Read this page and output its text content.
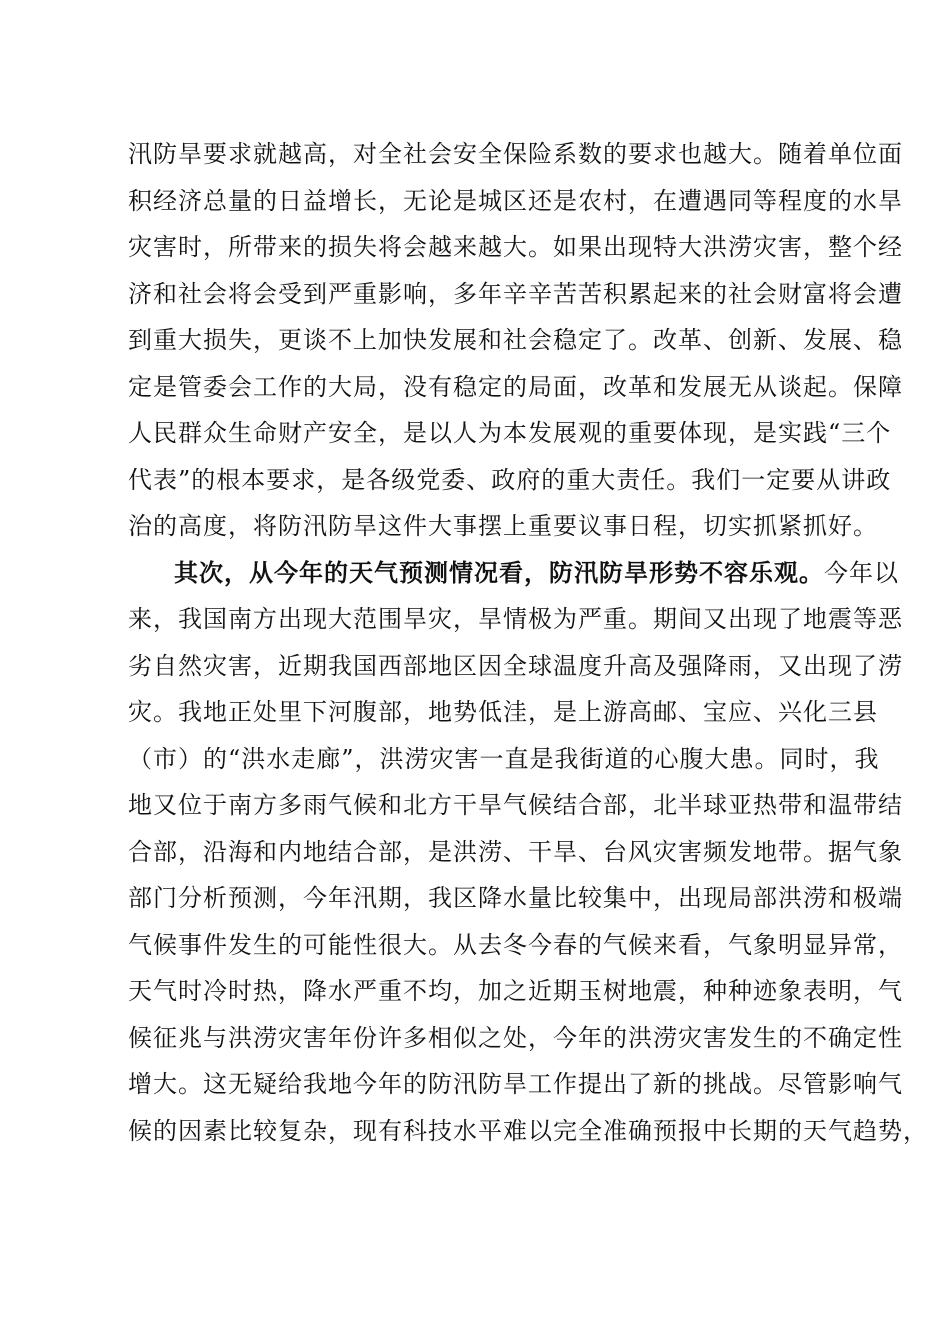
汛防旱要求就越高，对全社会安全保险系数的要求也越大。随着单位面
积经济总量的日益增长，无论是城区还是农村，在遭遇同等程度的水旱
灾害时，所带来的损失将会越来越大。如果出现特大洪涝灾害，整个经
济和社会将会受到严重影响，多年辛辛苦苦积累起来的社会财富将会遭
到重大损失，更谈不上加快发展和社会稳定了。改革、创新、发展、稳
定是管委会工作的大局，没有稳定的局面，改革和发展无从谈起。保障
人民群众生命财产安全，是以人为本发展观的重要体现，是实践“三个
代表”的根本要求，是各级党委、政府的重大责任。我们一定要从讲政
治的高度，将防汛防旱这件大事摆上重要议事日程，切实抓紧抓好。
其次，从今年的天气预测情况看，防汛防旱形势不容乐观。今年以
来，我国南方出现大范围旱灾，旱情极为严重。期间又出现了地震等恶
劣自然灾害，近期我国西部地区因全球温度升高及强降雨，又出现了涝
灾。我地正处里下河腹部，地势低洼，是上游高邮、宝应、兴化三县
（市）的“洪水走廊”，洪涝灾害一直是我街道的心腹大患。同时，我
地又位于南方多雨气候和北方干旱气候结合部，北半球亚热带和温带结
合部，沿海和内地结合部，是洪涝、干旱、台风灾害频发地带。据气象
部门分析预测，今年汛期，我区降水量比较集中，出现局部洪涝和极端
气候事件发生的可能性很大。从去冬今春的气候来看，气象明显异常，
天气时冷时热，降水严重不均，加之近期玉树地震，种种迹象表明，气
候征兆与洪涝灾害年份许多相似之处，今年的洪涝灾害发生的不确定性
增大。这无疑给我地今年的防汛防旱工作提出了新的挑战。尽管影响气
候的因素比较复杂，现有科技水平难以完全准确预报中长期的天气趋势，
